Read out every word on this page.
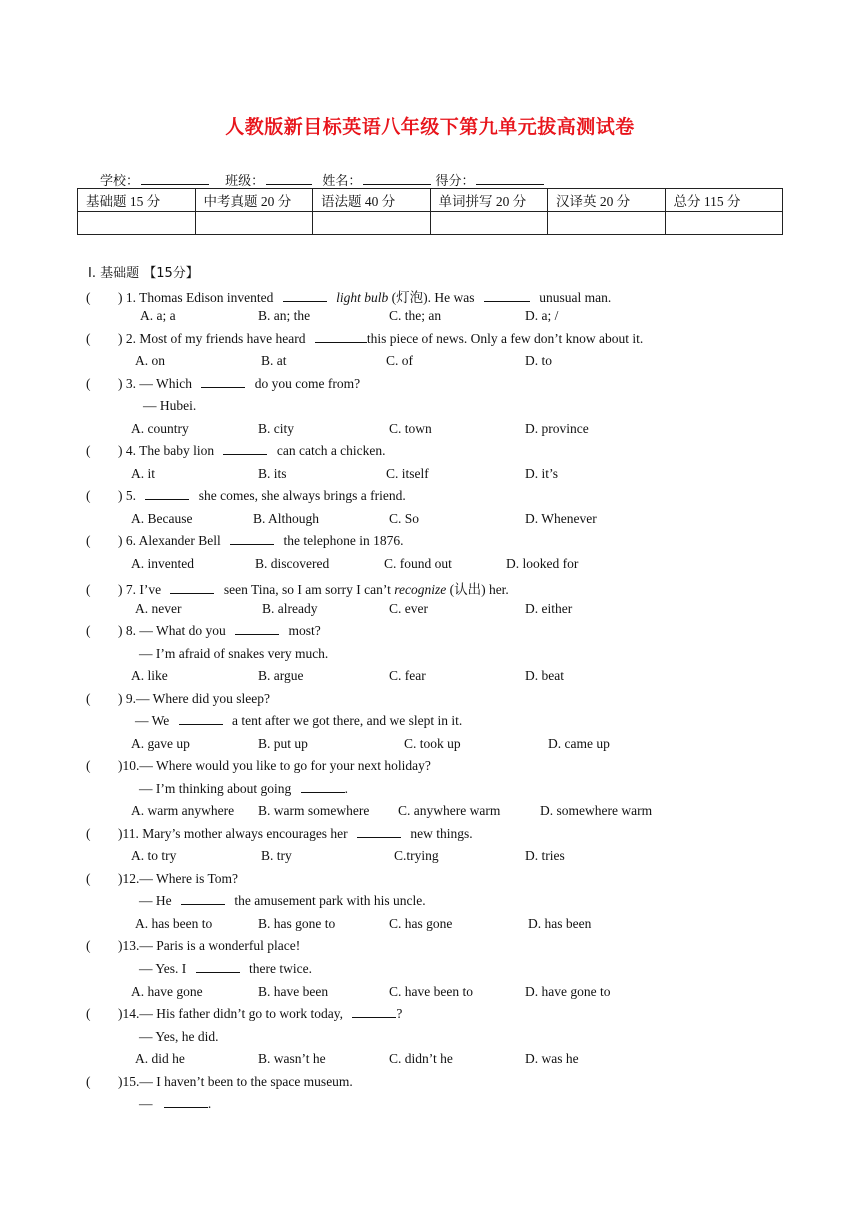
人教版新目标英语八年级下第九单元拔高测试卷
学校：	班级：	姓名：	得分：
基础题 15 分	中考真题 20 分	语法题 40 分	单词拼写 20 分	汉译英 20 分	总分 115 分

Ⅰ. 基础题 【15分】
( ) 1. Thomas Edison invented	light bulb (灯泡). He was	unusual man.
A. a; a	B. an; the	C. the; an	D. a; /
( ) 2. Most of my friends have heard	this piece of news. Only a few don’t know about it.
A. on	B. at	C. of	D. to
( ) 3. — Which	do you come from?
— Hubei.
A. country	B. city	C. town	D. province
( ) 4. The baby lion	can catch a chicken.
A. it	B. its	C. itself	D. it’s
( ) 5.	she comes, she always brings a friend.
A. Because	B. Although	C. So	D. Whenever
( ) 6. Alexander Bell	the telephone in 1876.
A. invented	B. discovered	C. found out	D. looked for
( ) 7. I’ve	seen Tina, so I am sorry I can’t recognize (认出) her.
A. never	B. already	C. ever	D. either
( ) 8. — What do you	most?
— I’m afraid of snakes very much.
A. like	B. argue	C. fear	D. beat
( ) 9.— Where did you sleep?
— We	a tent after we got there, and we slept in it.
A. gave up	B. put up	C. took up	D. came up
( )10.— Where would you like to go for your next holiday?
— I’m thinking about going	.
A. warm anywhere B. warm somewhere C. anywhere warm	D. somewhere warm
( )11. Mary’s mother always encourages her	new things.
A. to try	B. try	C.trying	D. tries
( )12.— Where is Tom?
— He	the amusement park with his uncle.
A. has been to	B. has gone to	C. has gone	D. has been
( )13.— Paris is a wonderful place!
— Yes. I	there twice.
A. have gone	B. have been	C. have been to	D. have gone to
( )14.— His father didn’t go to work today,	?
— Yes, he did.
A. did he	B. wasn’t he	C. didn’t he	D. was he
( )15.— I haven’t been to the space museum.
—	.
